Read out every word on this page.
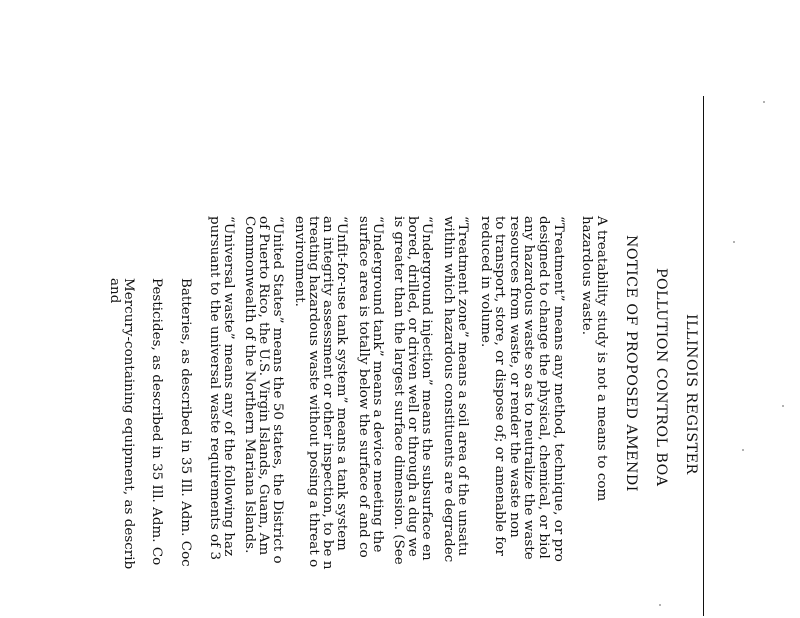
ILLINOIS REGISTER
POLLUTION CONTROL BOA
NOTICE OF PROPOSED AMENDI
A treatability study is not a means to com
hazardous waste.
“Treatment” means any method, technique, or pro
designed to change the physical, chemical, or biol
any hazardous waste so as to neutralize the waste
resources from waste, or render the waste non
to transport, store, or dispose of; or amenable for
reduced in volume.
“Treatment zone” means a soil area of the unsatu
within which hazardous constituents are degradec
“Underground injection” means the subsurface en
bored, drilled, or driven well or through a dug we
is greater than the largest surface dimension. (See
“Underground tank” means a device meeting the
surface area is totally below the surface of and co
“Unfit-for-use tank system” means a tank system
an integrity assessment or other inspection, to be n
treating hazardous waste without posing a threat o
environment.
“United States” means the 50 states, the District o
of Puerto Rico, the U.S. Virgin Islands, Guam, Am
Commonwealth of the Northern Mariana Islands.
“Universal waste” means any of the following haz
pursuant to the universal waste requirements of 3
Batteries, as described in 35 Ill. Adm. Coc
Pesticides, as described in 35 Ill. Adm. Co
Mercury-containing equipment, as describ
and
